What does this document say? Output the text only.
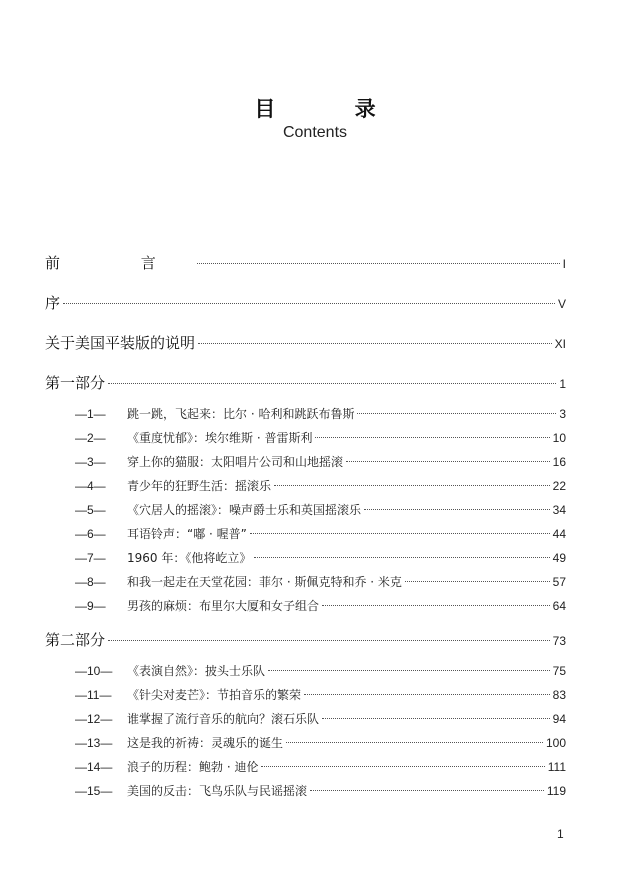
目 录
Contents
前 言	I
序	V
关于美国平装版的说明	XI
第一部分	1
—1—	跳一跳，飞起来：比尔 · 哈利和跳跃布鲁斯	3
—2—	《重度忧郁》：埃尔维斯 · 普雷斯利	10
—3—	穿上你的猫服：太阳唱片公司和山地摇滚	16
—4—	青少年的狂野生活：摇滚乐	22
—5—	《穴居人的摇滚》：噪声爵士乐和英国摇滚乐	34
—6—	耳语铃声：“嘟 · 喔普”	44
—7—	1960 年：《他将屹立》	49
—8—	和我一起走在天堂花园：菲尔 · 斯佩克特和乔 · 米克	57
—9—	男孩的麻烦：布里尔大厦和女子组合	64
第二部分	73
—10—	《表演自然》：披头士乐队	75
—11—	《针尖对麦芒》：节拍音乐的繁荣	83
—12—	谁掌握了流行音乐的航向？滚石乐队	94
—13—	这是我的祈祷：灵魂乐的诞生	100
—14—	浪子的历程：鲍勃 · 迪伦	111
—15—	美国的反击：飞鸟乐队与民谣摇滚	119
1
